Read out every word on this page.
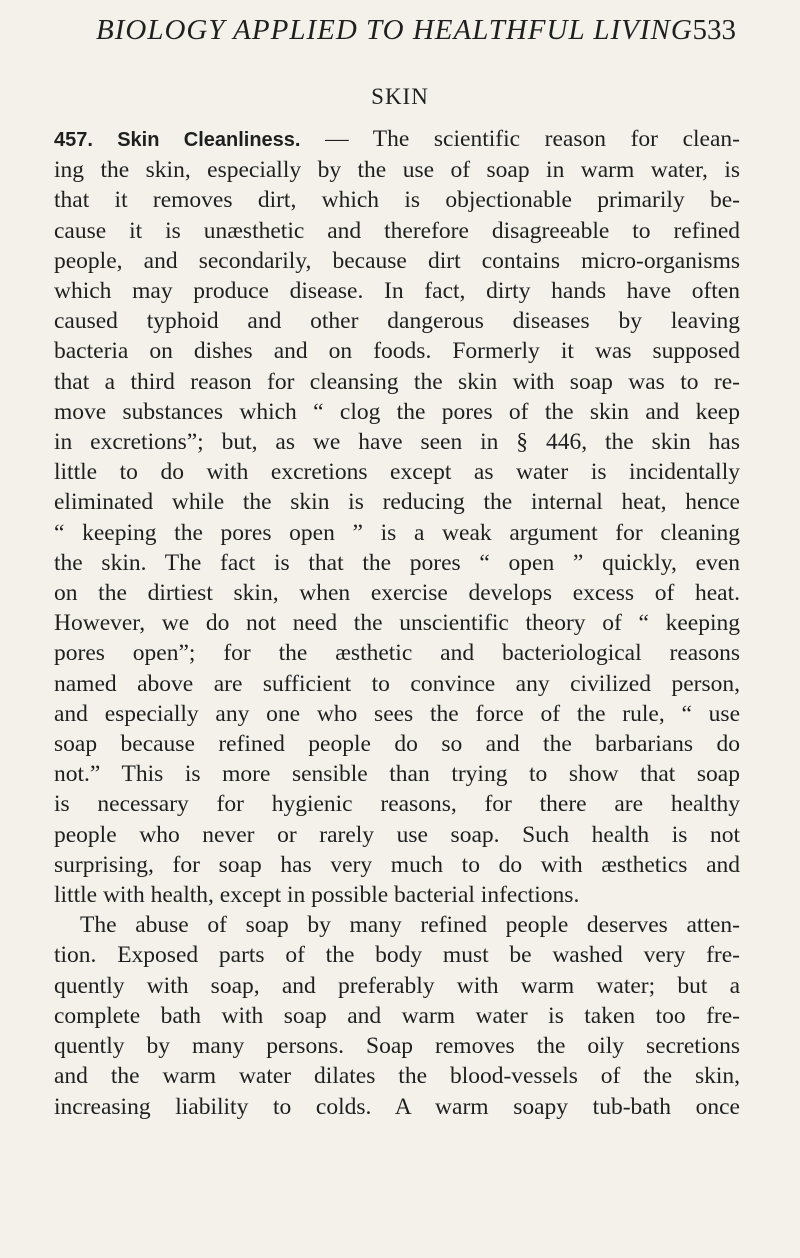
BIOLOGY APPLIED TO HEALTHFUL LIVING 533
SKIN
457. Skin Cleanliness. — The scientific reason for clean-
ing the skin, especially by the use of soap in warm water, is
that it removes dirt, which is objectionable primarily be-
cause it is unæsthetic and therefore disagreeable to refined
people, and secondarily, because dirt contains micro-organisms
which may produce disease. In fact, dirty hands have often
caused typhoid and other dangerous diseases by leaving
bacteria on dishes and on foods. Formerly it was supposed
that a third reason for cleansing the skin with soap was to re-
move substances which “ clog the pores of the skin and keep
in excretions”; but, as we have seen in § 446, the skin has
little to do with excretions except as water is incidentally
eliminated while the skin is reducing the internal heat, hence
“ keeping the pores open ” is a weak argument for cleaning
the skin. The fact is that the pores “ open ” quickly, even
on the dirtiest skin, when exercise develops excess of heat.
However, we do not need the unscientific theory of “ keeping
pores open”; for the æsthetic and bacteriological reasons
named above are sufficient to convince any civilized person,
and especially any one who sees the force of the rule, “ use
soap because refined people do so and the barbarians do
not.” This is more sensible than trying to show that soap
is necessary for hygienic reasons, for there are healthy
people who never or rarely use soap. Such health is not
surprising, for soap has very much to do with æsthetics and
little with health, except in possible bacterial infections.
The abuse of soap by many refined people deserves atten-
tion. Exposed parts of the body must be washed very fre-
quently with soap, and preferably with warm water; but a
complete bath with soap and warm water is taken too fre-
quently by many persons. Soap removes the oily secretions
and the warm water dilates the blood-vessels of the skin,
increasing liability to colds. A warm soapy tub-bath once
